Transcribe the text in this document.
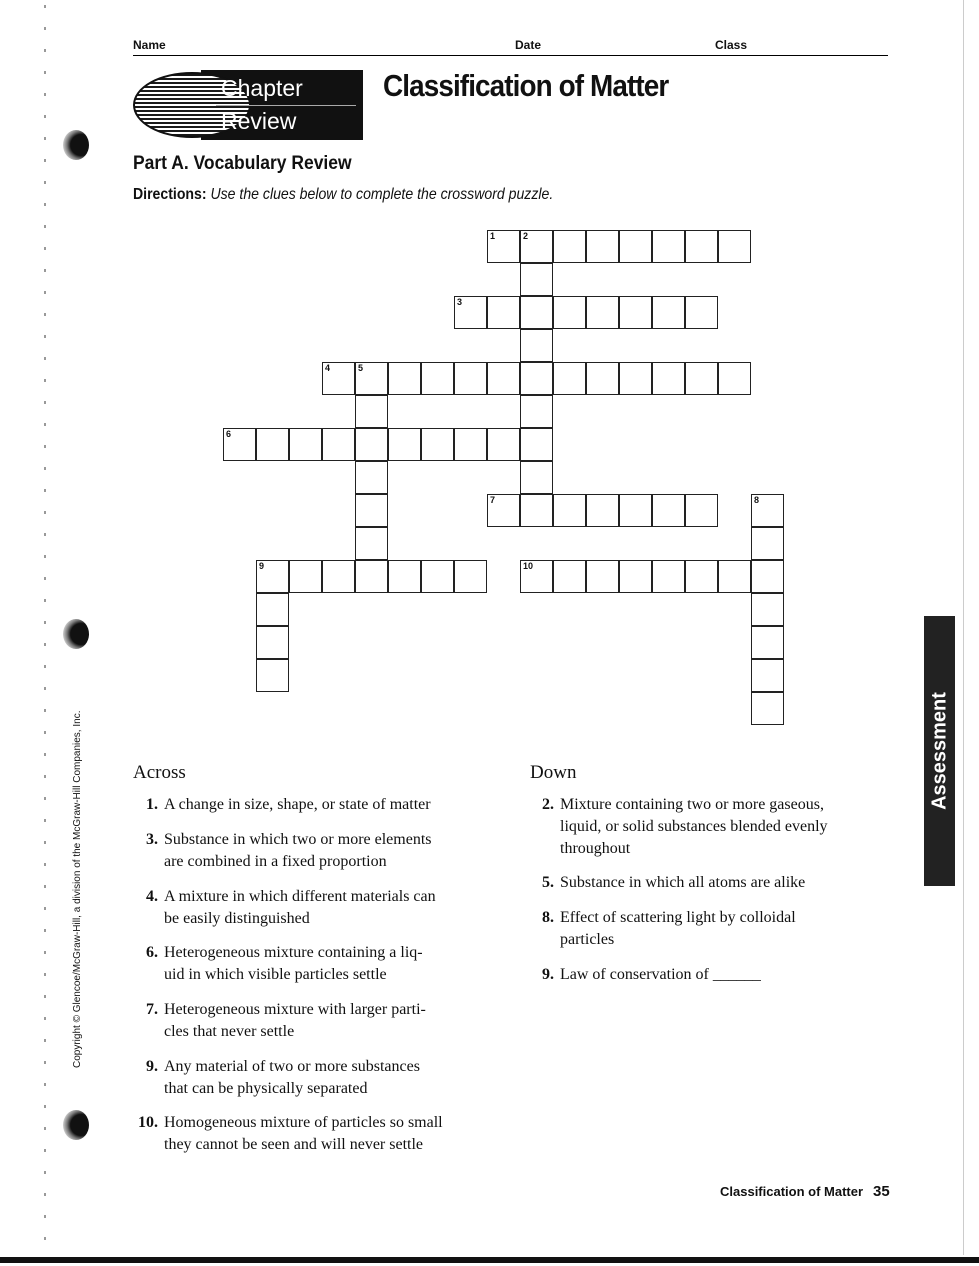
Name	Date	Class
Chapter
Review
Classification of Matter
Part A. Vocabulary Review
Directions: Use the clues below to complete the crossword puzzle.
1	2
3
4	5
6
7	8
9	10
Across
1. A change in size, shape, or state of matter
3. Substance in which two or more elements
are combined in a fixed proportion
4. A mixture in which different materials can
be easily distinguished
6. Heterogeneous mixture containing a liq-
uid in which visible particles settle
7. Heterogeneous mixture with larger parti-
cles that never settle
9. Any material of two or more substances
that can be physically separated
10. Homogeneous mixture of particles so small
they cannot be seen and will never settle
Down
2. Mixture containing two or more gaseous,
liquid, or solid substances blended evenly
throughout
5. Substance in which all atoms are alike
8. Effect of scattering light by colloidal
particles
9. Law of conservation of ______
Assessment
Classification of Matter 35
Copyright © Glencoe/McGraw-Hill, a division of the McGraw-Hill Companies, Inc.
